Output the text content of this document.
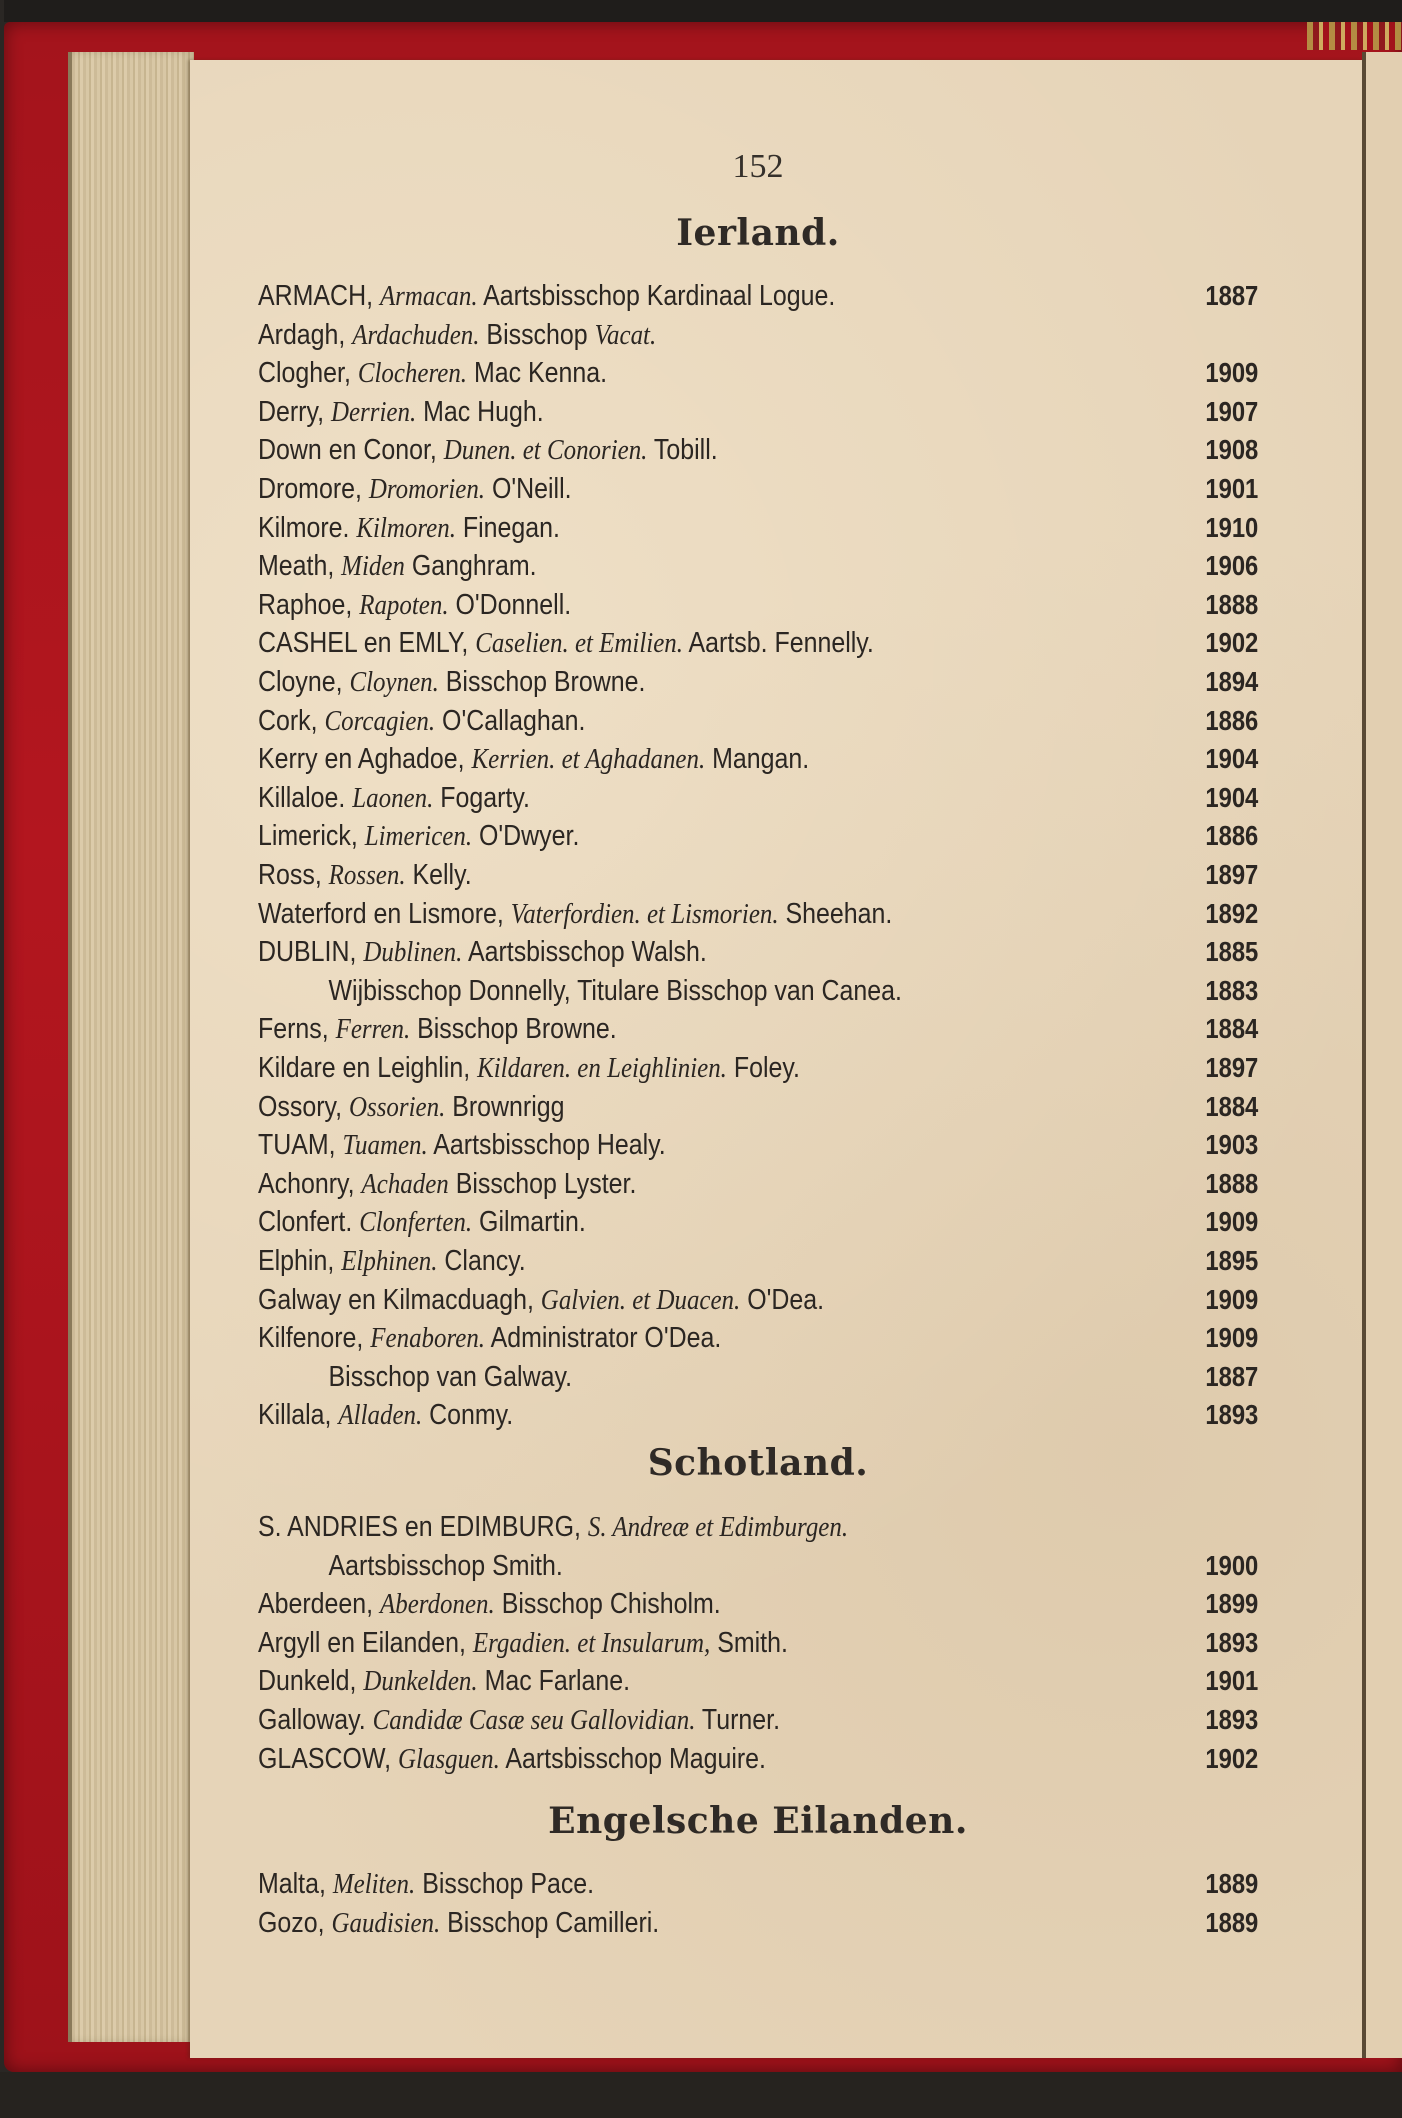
152
Ierland.
ARMACH, Armacan. Aartsbisschop Kardinaal Logue.	1887
Ardagh, Ardachuden. Bisschop Vacat.
Clogher, Clocheren. Mac Kenna.	1909
Derry, Derrien. Mac Hugh.	1907
Down en Conor, Dunen. et Conorien. Tobill.	1908
Dromore, Dromorien. O'Neill.	1901
Kilmore. Kilmoren. Finegan.	1910
Meath, Miden Ganghram.	1906
Raphoe, Rapoten. O'Donnell.	1888
CASHEL en EMLY, Caselien. et Emilien. Aartsb. Fennelly.	1902
Cloyne, Cloynen. Bisschop Browne.	1894
Cork, Corcagien. O'Callaghan.	1886
Kerry en Aghadoe, Kerrien. et Aghadanen. Mangan.	1904
Killaloe. Laonen. Fogarty.	1904
Limerick, Limericen. O'Dwyer.	1886
Ross, Rossen. Kelly.	1897
Waterford en Lismore, Vaterfordien. et Lismorien. Sheehan.	1892
DUBLIN, Dublinen. Aartsbisschop Walsh.	1885
Wijbisschop Donnelly, Titulare Bisschop van Canea.	1883
Ferns, Ferren. Bisschop Browne.	1884
Kildare en Leighlin, Kildaren. en Leighlinien. Foley.	1897
Ossory, Ossorien. Brownrigg	1884
TUAM, Tuamen. Aartsbisschop Healy.	1903
Achonry, Achaden Bisschop Lyster.	1888
Clonfert. Clonferten. Gilmartin.	1909
Elphin, Elphinen. Clancy.	1895
Galway en Kilmacduagh, Galvien. et Duacen. O'Dea.	1909
Kilfenore, Fenaboren. Administrator O'Dea.	1909
Bisschop van Galway.	1887
Killala, Alladen. Conmy.	1893
Schotland.
S. ANDRIES en EDIMBURG, S. Andreæ et Edimburgen.
Aartsbisschop Smith.	1900
Aberdeen, Aberdonen. Bisschop Chisholm.	1899
Argyll en Eilanden, Ergadien. et Insularum, Smith.	1893
Dunkeld, Dunkelden. Mac Farlane.	1901
Galloway. Candidæ Casæ seu Gallovidian. Turner.	1893
GLASCOW, Glasguen. Aartsbisschop Maguire.	1902
Engelsche Eilanden.
Malta, Meliten. Bisschop Pace.	1889
Gozo, Gaudisien. Bisschop Camilleri.	1889
